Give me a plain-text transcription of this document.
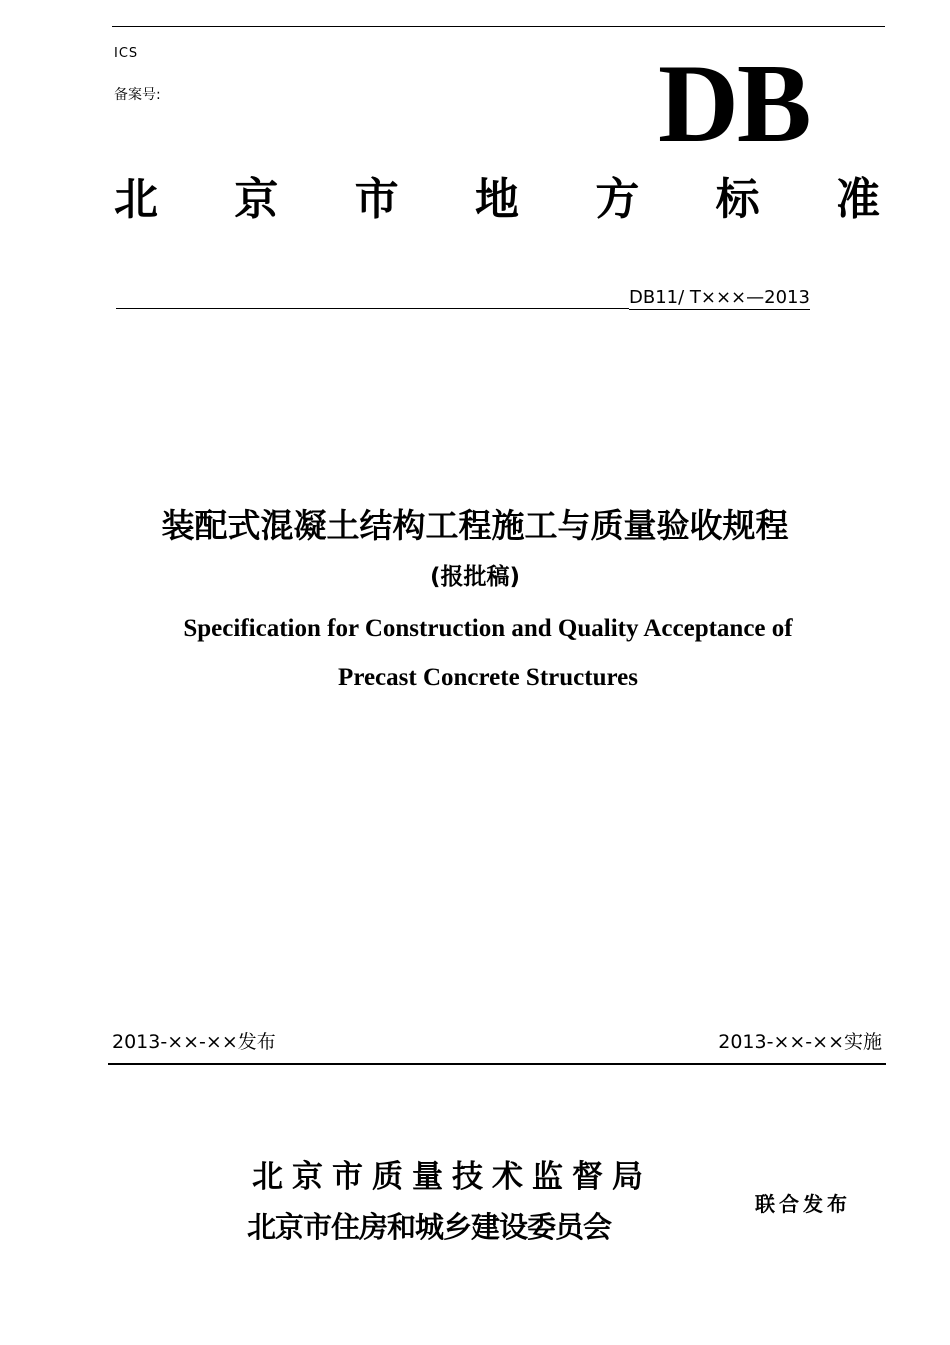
ICS
备案号:	DB
北 京 市 地 方 标 准
DB11/ T×××—2013
装配式混凝土结构工程施工与质量验收规程
(报批稿)
Specification for Construction and Quality Acceptance of
Precast Concrete Structures
2013-××-××发布	2013-××-××实施
北京市质量技术监督局
北京市住房和城乡建设委员会
联合发布
